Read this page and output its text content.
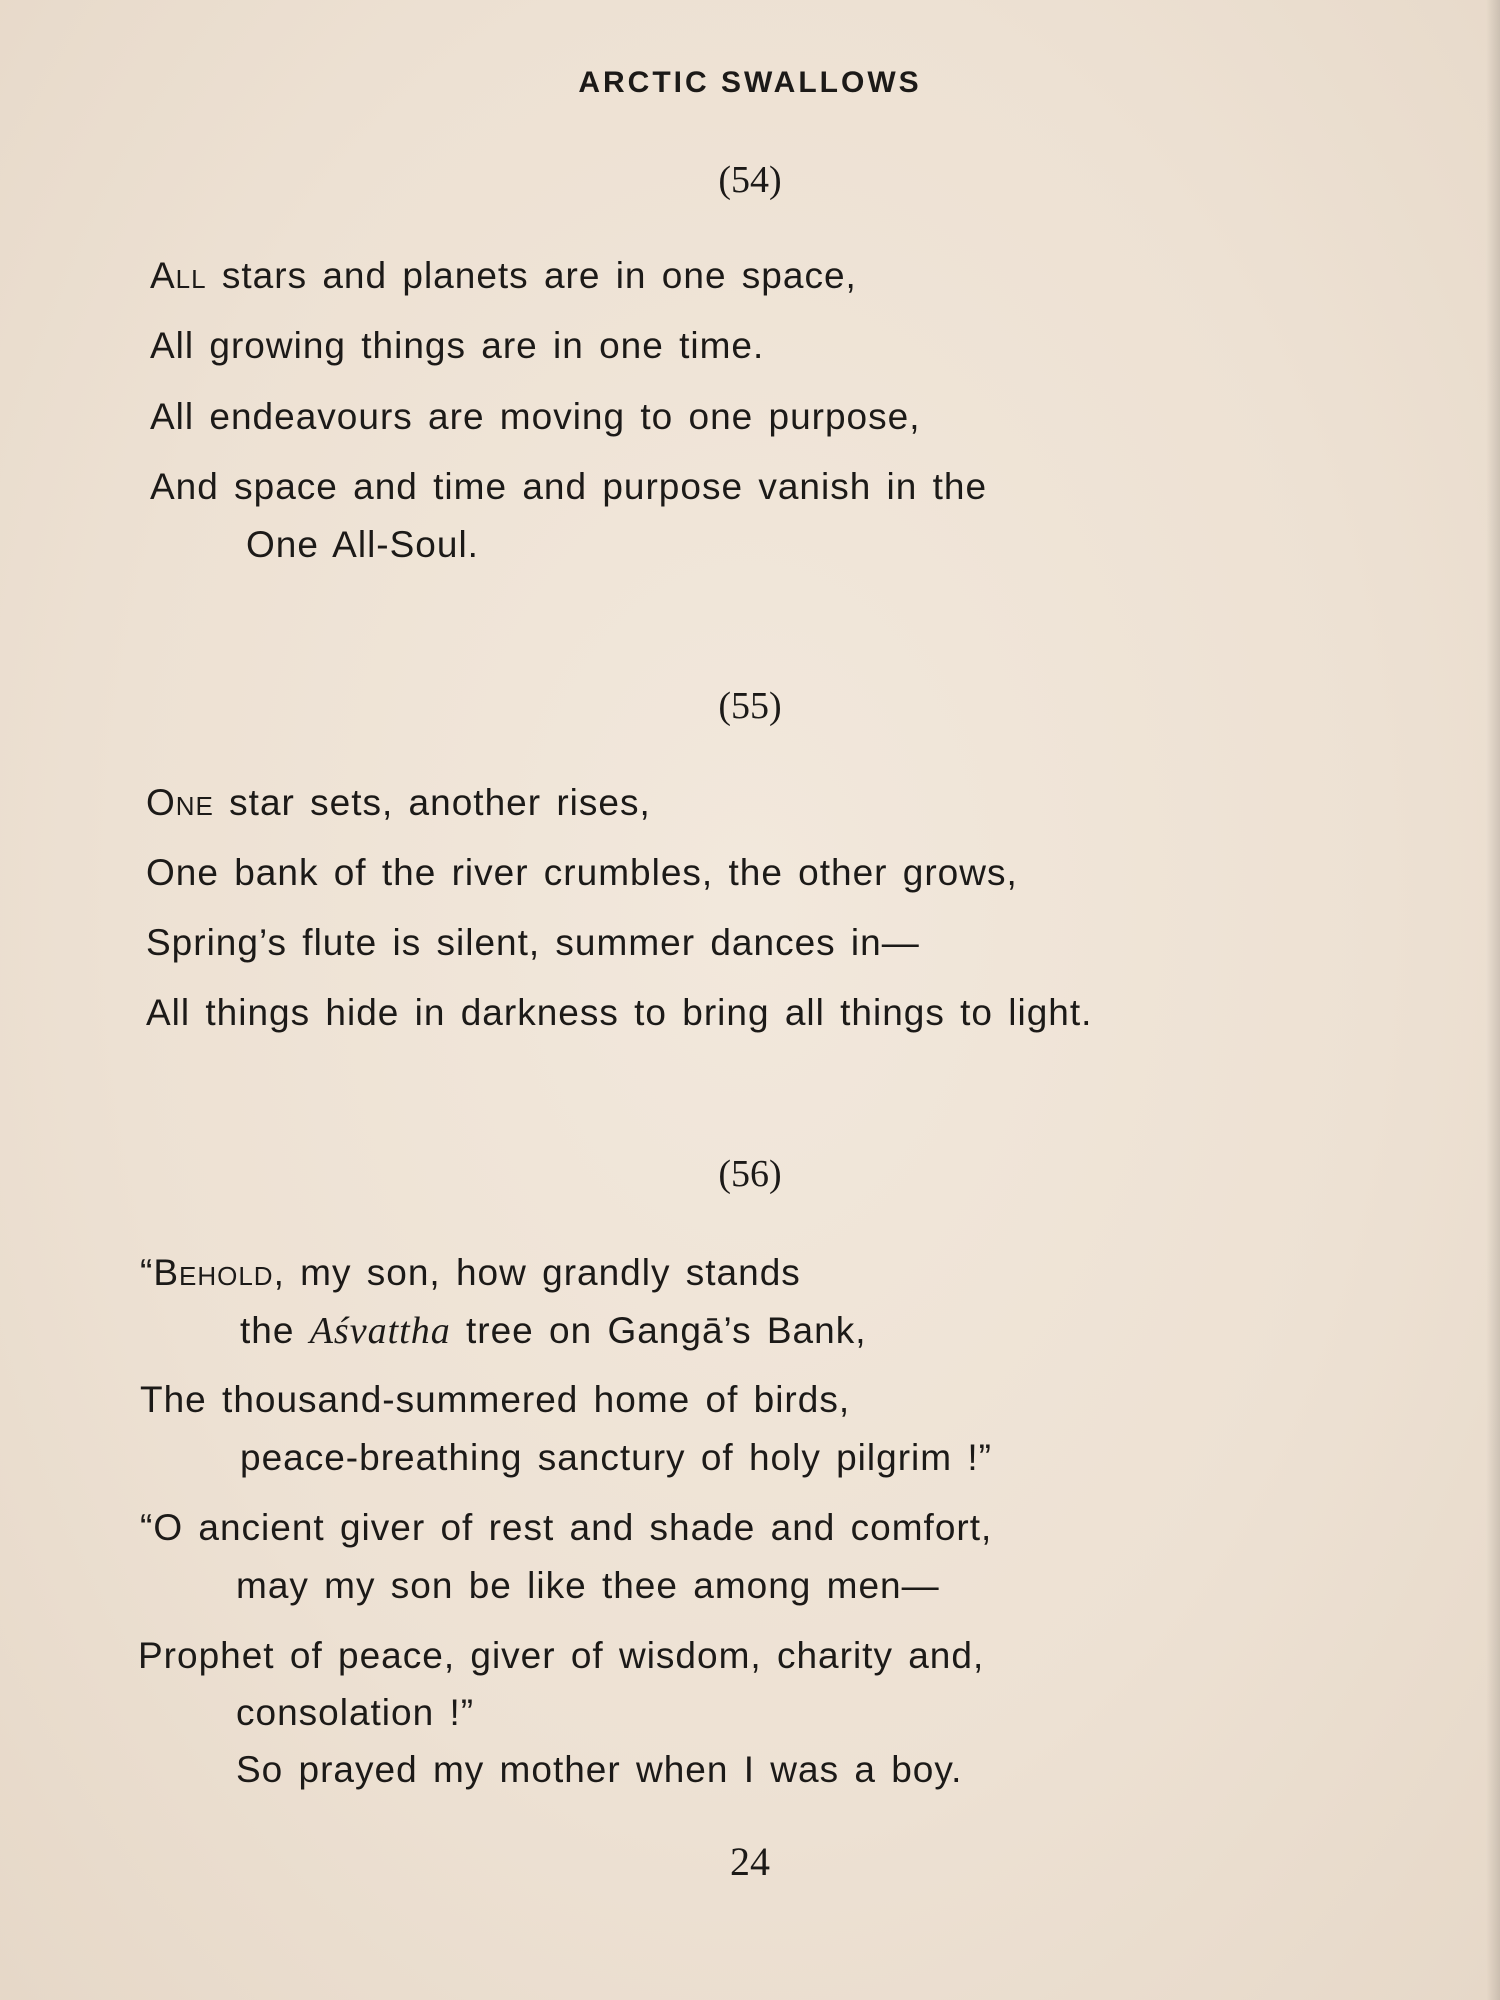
ARCTIC SWALLOWS
(54)
All stars and planets are in one space,
All growing things are in one time.
All endeavours are moving to one purpose,
And space and time and purpose vanish in the
One All-Soul.
(55)
One star sets, another rises,
One bank of the river crumbles, the other grows,
Spring’s flute is silent, summer dances in—
All things hide in darkness to bring all things to light.
(56)
“Behold, my son, how grandly stands
the Aśvattha tree on Gangā’s Bank,
The thousand-summered home of birds,
peace-breathing sanctury of holy pilgrim !”
“O ancient giver of rest and shade and comfort,
may my son be like thee among men—
Prophet of peace, giver of wisdom, charity and,
consolation !”
So prayed my mother when I was a boy.
24
